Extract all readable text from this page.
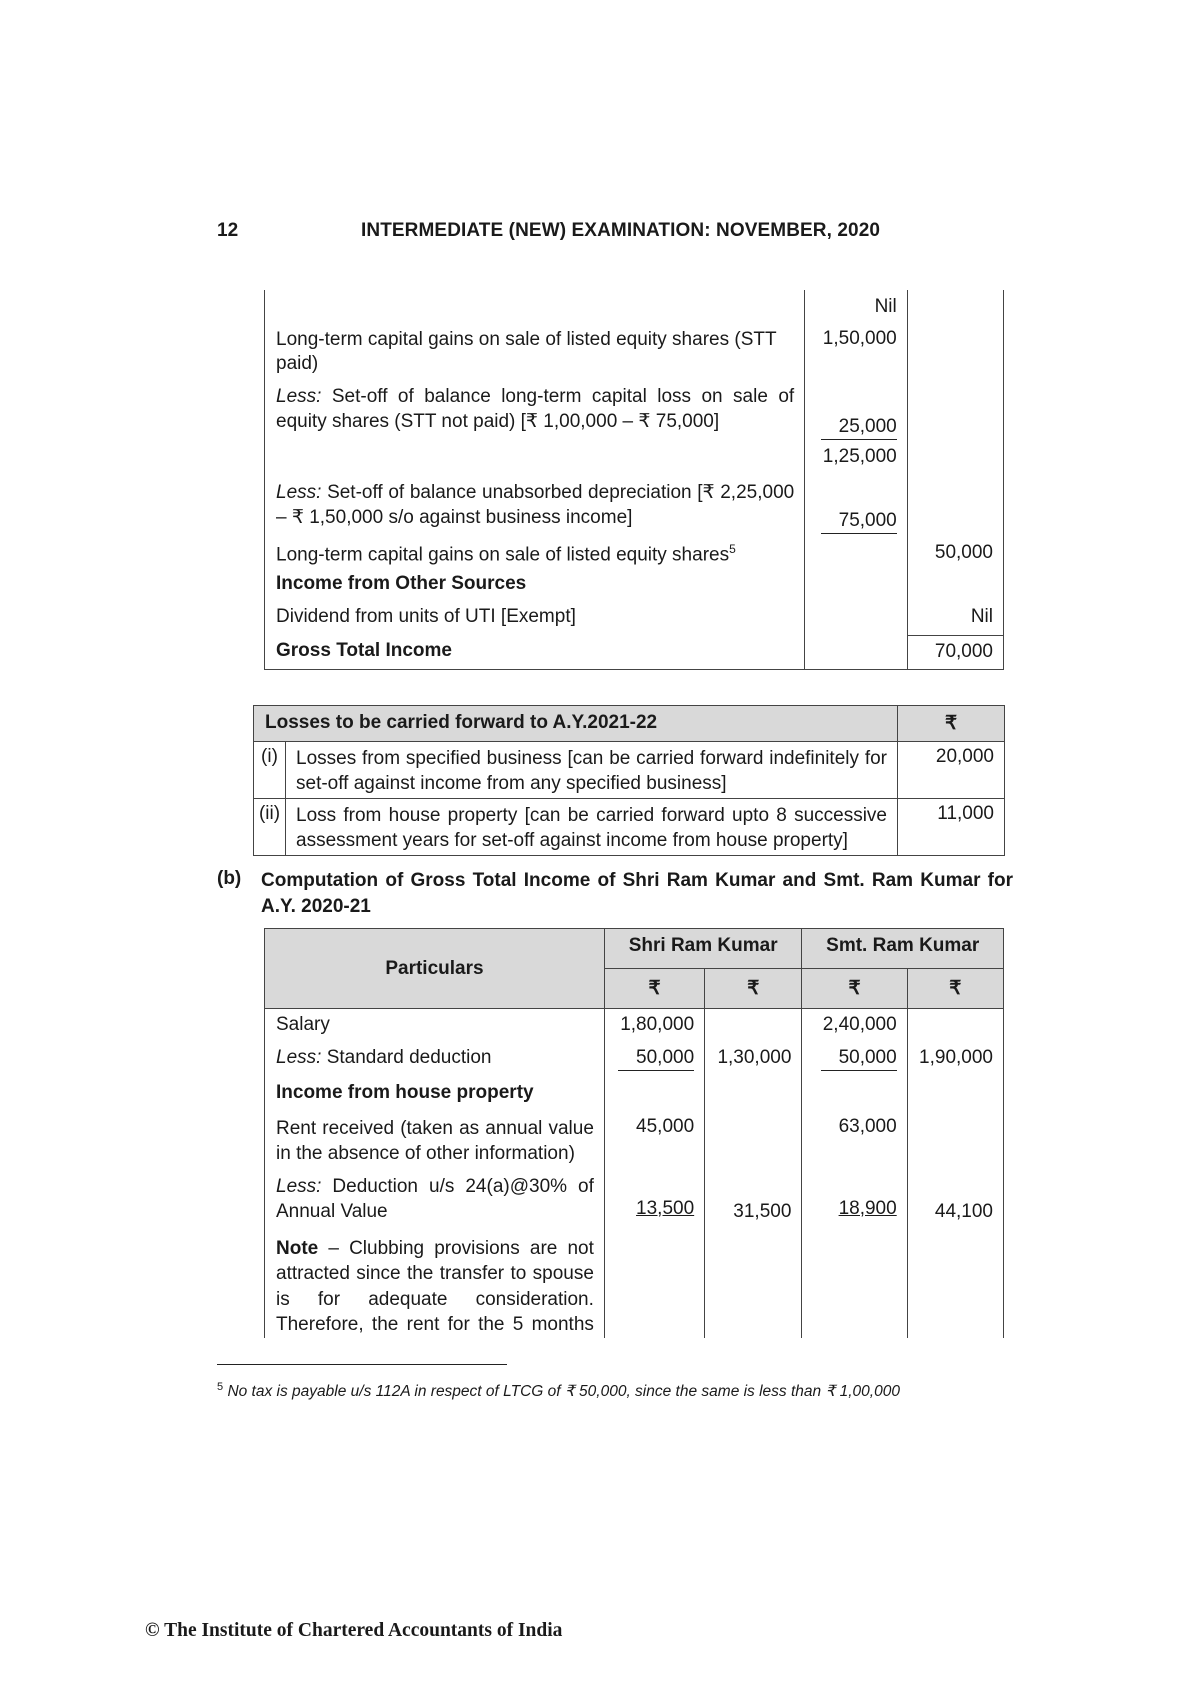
12	INTERMEDIATE (NEW) EXAMINATION: NOVEMBER, 2020
	Nil	
Long-term capital gains on sale of listed equity shares (STT paid)	1,50,000	
Less: Set-off of balance long-term capital loss on sale of equity shares (STT not paid) [₹ 1,00,000 – ₹ 75,000]	25,000	
	1,25,000	
Less: Set-off of balance unabsorbed depreciation [₹ 2,25,000 – ₹ 1,50,000 s/o against business income]	75,000	
Long-term capital gains on sale of listed equity shares$^5$		50,000
Income from Other Sources		
Dividend from units of UTI [Exempt]		Nil
Gross Total Income		70,000
Losses to be carried forward to A.Y.2021-22		₹
(i)	Losses from specified business [can be carried forward indefinitely for set-off against income from any specified business]	20,000
(ii)	Loss from house property [can be carried forward upto 8 successive assessment years for set-off against income from house property]	11,000
(b) Computation of Gross Total Income of Shri Ram Kumar and Smt. Ram Kumar for A.Y. 2020-21
Particulars	Shri Ram Kumar		Smt. Ram Kumar	
	₹	₹	₹	₹
Salary	1,80,000		2,40,000	
Less: Standard deduction	50,000	1,30,000	50,000	1,90,000
Income from house property				
Rent received (taken as annual value in the absence of other information)	45,000		63,000	
Less: Deduction u/s 24(a)@30% of Annual Value	13,500	31,500	18,900	44,100
Note – Clubbing provisions are not attracted since the transfer to spouse is for adequate consideration. Therefore, the rent for the 5 months				
$^5$ No tax is payable u/s 112A in respect of LTCG of ₹ 50,000, since the same is less than ₹ 1,00,000
© The Institute of Chartered Accountants of India
